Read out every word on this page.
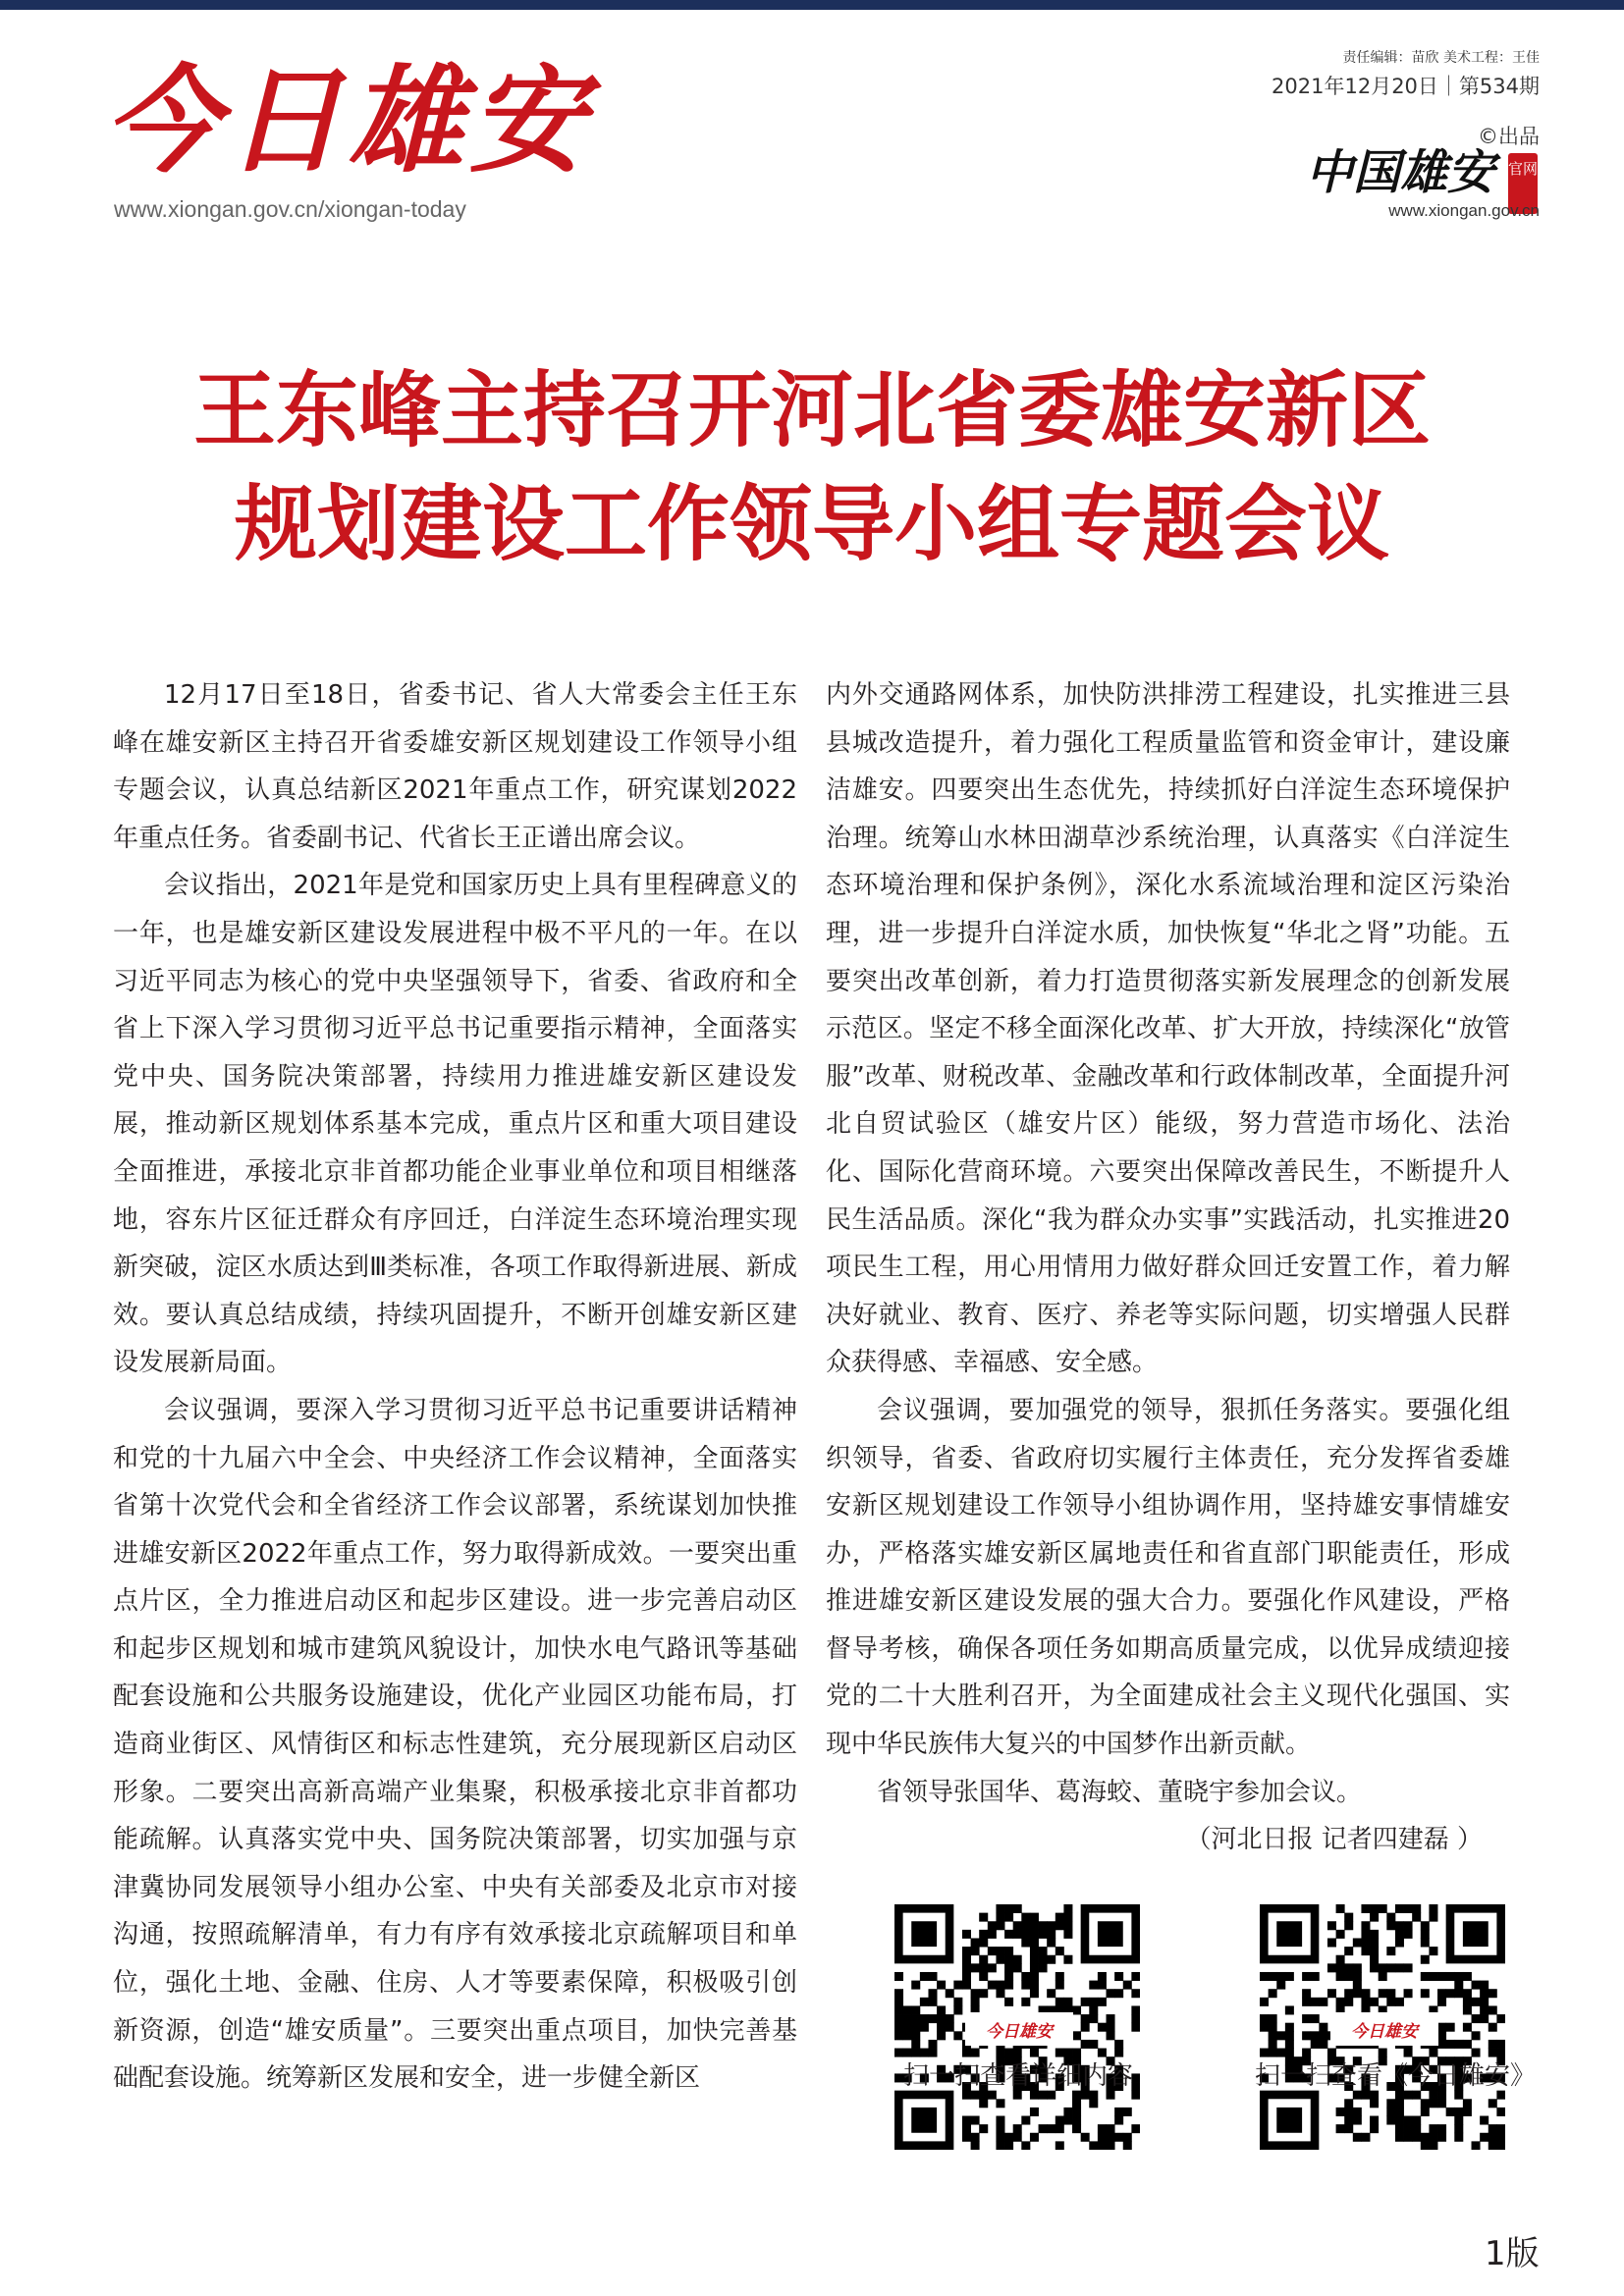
今日雄安
www.xiongan.gov.cn/xiongan-today
责任编辑：苗欣 美术工程：王佳
2021年12月20日｜第534期
©出品
中国雄安 官网
www.xiongan.gov.cn
王东峰主持召开河北省委雄安新区
规划建设工作领导小组专题会议

12月17日至18日，省委书记、省人大常委会主任王东峰在雄安新区主持召开省委雄安新区规划建设工作领导小组专题会议，认真总结新区2021年重点工作，研究谋划2022年重点任务。省委副书记、代省长王正谱出席会议。

会议指出，2021年是党和国家历史上具有里程碑意义的一年，也是雄安新区建设发展进程中极不平凡的一年。在以习近平同志为核心的党中央坚强领导下，省委、省政府和全省上下深入学习贯彻习近平总书记重要指示精神，全面落实党中央、国务院决策部署，持续用力推进雄安新区建设发展，推动新区规划体系基本完成，重点片区和重大项目建设全面推进，承接北京非首都功能企业事业单位和项目相继落地，容东片区征迁群众有序回迁，白洋淀生态环境治理实现新突破，淀区水质达到Ⅲ类标准，各项工作取得新进展、新成效。要认真总结成绩，持续巩固提升，不断开创雄安新区建设发展新局面。

会议强调，要深入学习贯彻习近平总书记重要讲话精神和党的十九届六中全会、中央经济工作会议精神，全面落实省第十次党代会和全省经济工作会议部署，系统谋划加快推进雄安新区2022年重点工作，努力取得新成效。一要突出重点片区，全力推进启动区和起步区建设。进一步完善启动区和起步区规划和城市建筑风貌设计，加快水电气路讯等基础配套设施和公共服务设施建设，优化产业园区功能布局，打造商业街区、风情街区和标志性建筑，充分展现新区启动区形象。二要突出高新高端产业集聚，积极承接北京非首都功能疏解。认真落实党中央、国务院决策部署，切实加强与京津冀协同发展领导小组办公室、中央有关部委及北京市对接沟通，按照疏解清单，有力有序有效承接北京疏解项目和单位，强化土地、金融、住房、人才等要素保障，积极吸引创新资源，创造“雄安质量”。三要突出重点项目，加快完善基础配套设施。统筹新区发展和安全，进一步健全新区

内外交通路网体系，加快防洪排涝工程建设，扎实推进三县县城改造提升，着力强化工程质量监管和资金审计，建设廉洁雄安。四要突出生态优先，持续抓好白洋淀生态环境保护治理。统筹山水林田湖草沙系统治理，认真落实《白洋淀生态环境治理和保护条例》，深化水系流域治理和淀区污染治理，进一步提升白洋淀水质，加快恢复“华北之肾”功能。五要突出改革创新，着力打造贯彻落实新发展理念的创新发展示范区。坚定不移全面深化改革、扩大开放，持续深化“放管服”改革、财税改革、金融改革和行政体制改革，全面提升河北自贸试验区（雄安片区）能级，努力营造市场化、法治化、国际化营商环境。六要突出保障改善民生，不断提升人民生活品质。深化“我为群众办实事”实践活动，扎实推进20项民生工程，用心用情用力做好群众回迁安置工作，着力解决好就业、教育、医疗、养老等实际问题，切实增强人民群众获得感、幸福感、安全感。

会议强调，要加强党的领导，狠抓任务落实。要强化组织领导，省委、省政府切实履行主体责任，充分发挥省委雄安新区规划建设工作领导小组协调作用，坚持雄安事情雄安办，严格落实雄安新区属地责任和省直部门职能责任，形成推进雄安新区建设发展的强大合力。要强化作风建设，严格督导考核，确保各项任务如期高质量完成，以优异成绩迎接党的二十大胜利召开，为全面建成社会主义现代化强国、实现中华民族伟大复兴的中国梦作出新贡献。

省领导张国华、葛海蛟、董晓宇参加会议。

（河北日报 记者四建磊 ）

今日雄安	今日雄安
扫一扫查看详细内容	扫一扫查看《今日雄安》
1版
